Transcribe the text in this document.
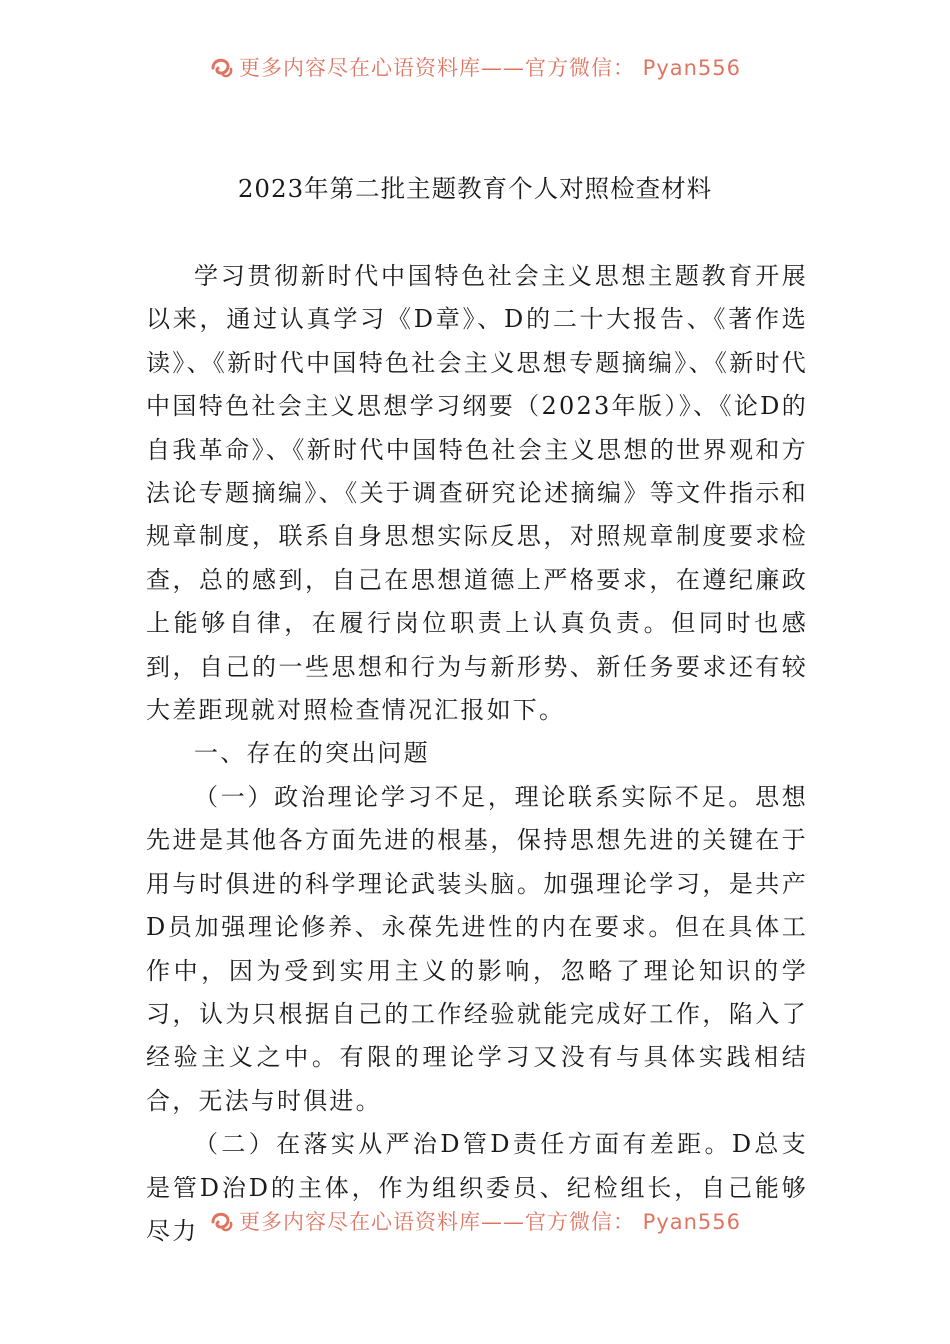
更多内容尽在心语资料库——官方微信： Pyan556
2023年第二批主题教育个人对照检查材料

学习贯彻新时代中国特色社会主义思想主题教育开展以来，通过认真学习《D章》、D的二十大报告、《著作选读》、《新时代中国特色社会主义思想专题摘编》、《新时代中国特色社会主义思想学习纲要（2023年版）》、《论D的自我革命》、《新时代中国特色社会主义思想的世界观和方法论专题摘编》、《关于调查研究论述摘编》等文件指示和规章制度，联系自身思想实际反思，对照规章制度要求检查，总的感到，自己在思想道德上严格要求，在遵纪廉政上能够自律，在履行岗位职责上认真负责。但同时也感到，自己的一些思想和行为与新形势、新任务要求还有较大差距现就对照检查情况汇报如下。

一、存在的突出问题

（一）政治理论学习不足，理论联系实际不足。思想先进是其他各方面先进的根基，保持思想先进的关键在于用与时俱进的科学理论武装头脑。加强理论学习，是共产D员加强理论修养、永葆先进性的内在要求。但在具体工作中，因为受到实用主义的影响，忽略了理论知识的学习，认为只根据自己的工作经验就能完成好工作，陷入了经验主义之中。有限的理论学习又没有与具体实践相结合，无法与时俱进。

（二）在落实从严治D管D责任方面有差距。D总支是管D治D的主体，作为组织委员、纪检组长，自己能够尽力	更多内容尽在心语资料库——官方微信： Pyan556
